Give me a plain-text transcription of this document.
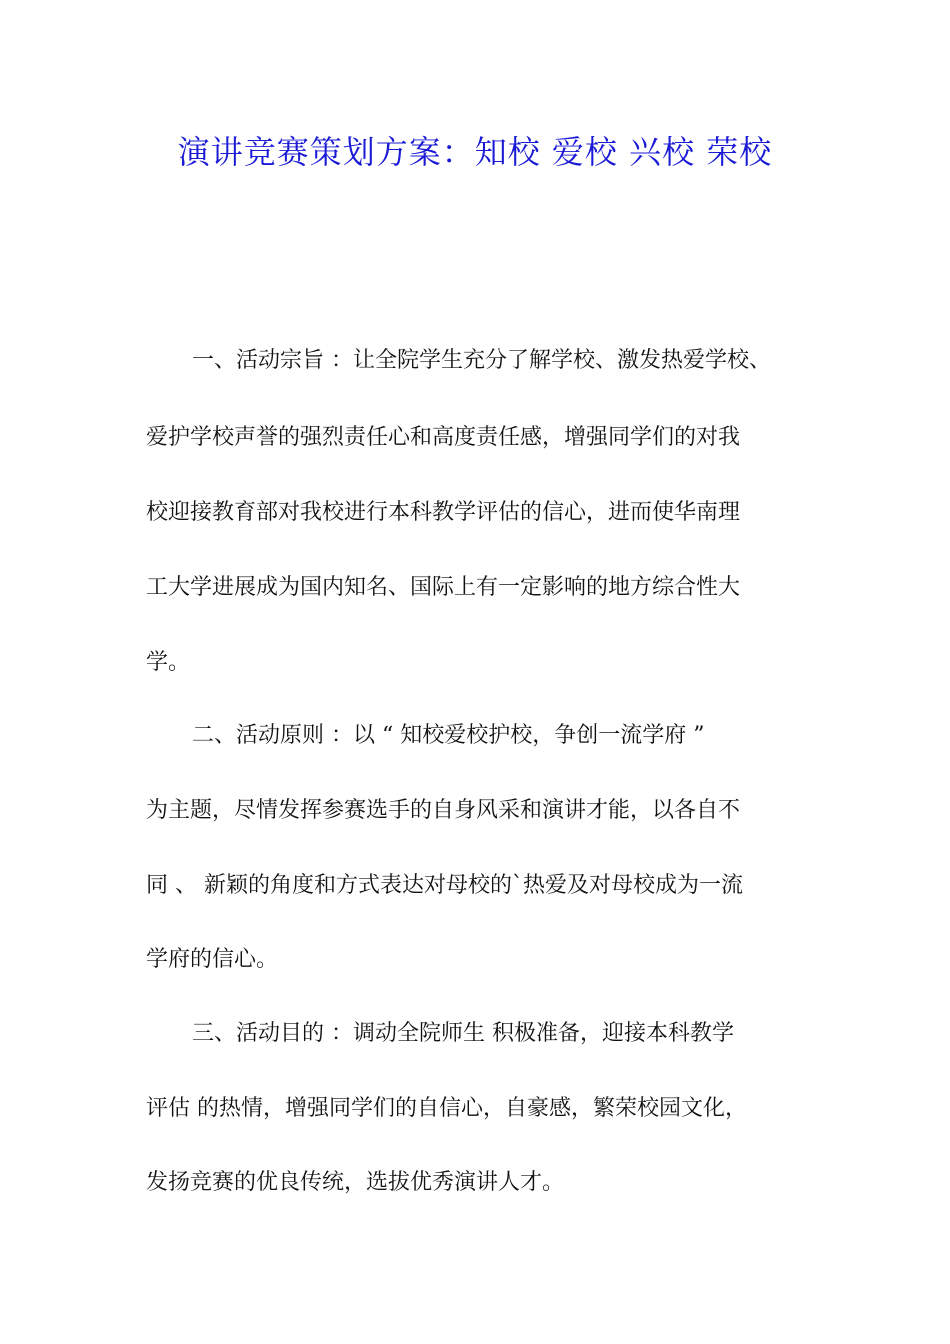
演讲竞赛策划方案：知校 爱校 兴校 荣校
一、活动宗旨 ：让全院学生充分了解学校、激发热爱学校、
爱护学校声誉的强烈责任心和高度责任感，增强同学们的对我
校迎接教育部对我校进行本科教学评估的信心，进而使华南理
工大学进展成为国内知名、国际上有一定影响的地方综合性大
学。
二、活动原则 ：以 “ 知校爱校护校，争创一流学府 ”
为主题，尽情发挥参赛选手的自身风采和演讲才能，以各自不
同 、 新颖的角度和方式表达对母校的`热爱及对母校成为一流
学府的信心。
三、活动目的 ：调动全院师生 积极准备，迎接本科教学
评估 的热情，增强同学们的自信心，自豪感，繁荣校园文化，
发扬竞赛的优良传统，选拔优秀演讲人才。
